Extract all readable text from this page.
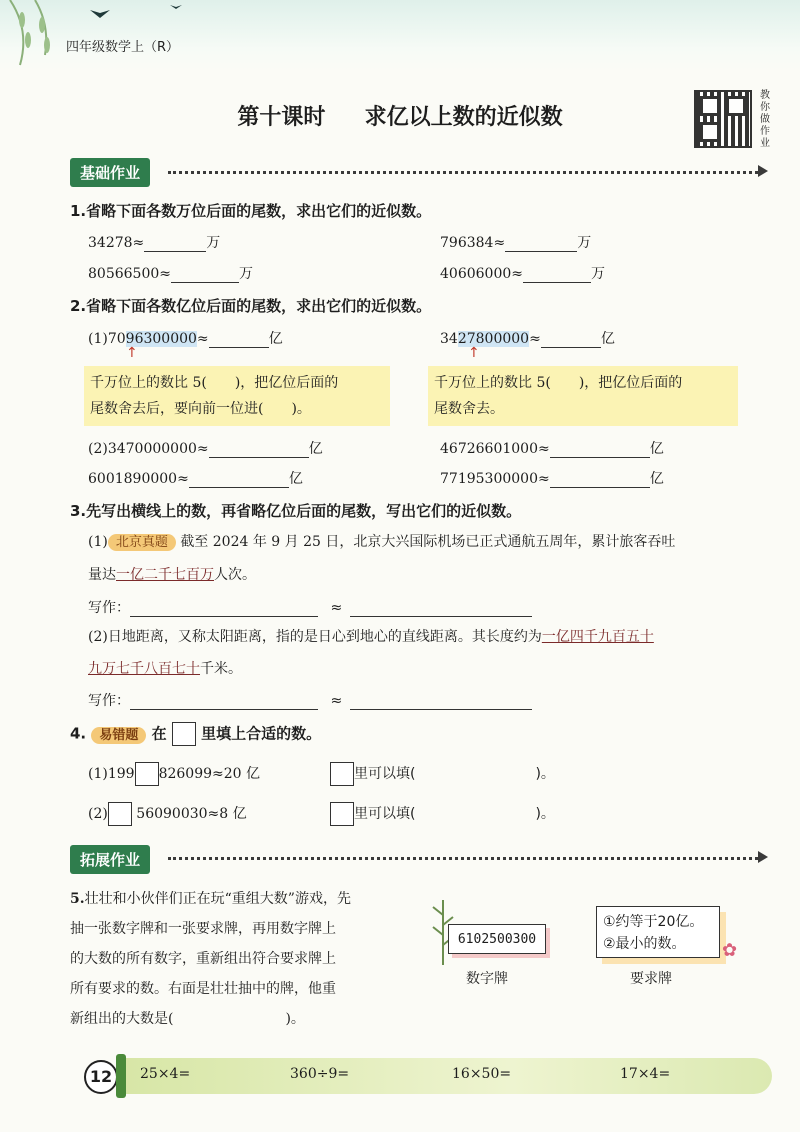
四年级数学上（R）
第十课时 求亿以上数的近似数
教你做作业
基础作业
1.省略下面各数万位后面的尾数，求出它们的近似数。
34278≈	万	796384≈	万
80566500≈	万	40606000≈	万
2.省略下面各数亿位后面的尾数，求出它们的近似数。
(1)7096300000≈	亿	3427800000≈	亿
↑	↑
千万位上的数比 5(　　)，把亿位后面的
尾数舍去后，要向前一位进(　　)。
千万位上的数比 5(　　)，把亿位后面的
尾数舍去。
(2)3470000000≈	亿	46726601000≈	亿
6001890000≈	亿	77195300000≈	亿
3.先写出横线上的数，再省略亿位后面的尾数，写出它们的近似数。
(1) 北京真题 截至 2024 年 9 月 25 日，北京大兴国际机场已正式通航五周年，累计旅客吞吐
量达一亿二千七百万人次。
写作：	≈
(2)日地距离，又称太阳距离，指的是日心到地心的直线距离。其长度约为一亿四千九百五十
九万七千八百七十千米。
写作：	≈
4. 易错题 在 里填上合适的数。
(1)199 826099≈20 亿	里可以填(	)。
(2) 56090030≈8 亿	里可以填(	)。
拓展作业
5.壮壮和小伙伴们正在玩“重组大数”游戏，先
抽一张数字牌和一张要求牌，再用数字牌上
的大数的所有数字，重新组出符合要求牌上
所有要求的数。右面是壮壮抽中的牌，他重
新组出的大数是(　　　　　　　　)。
6102500300
数字牌
①约等于20亿。
②最小的数。	✿
要求牌
12	25×4=	360÷9=	16×50=	17×4=
